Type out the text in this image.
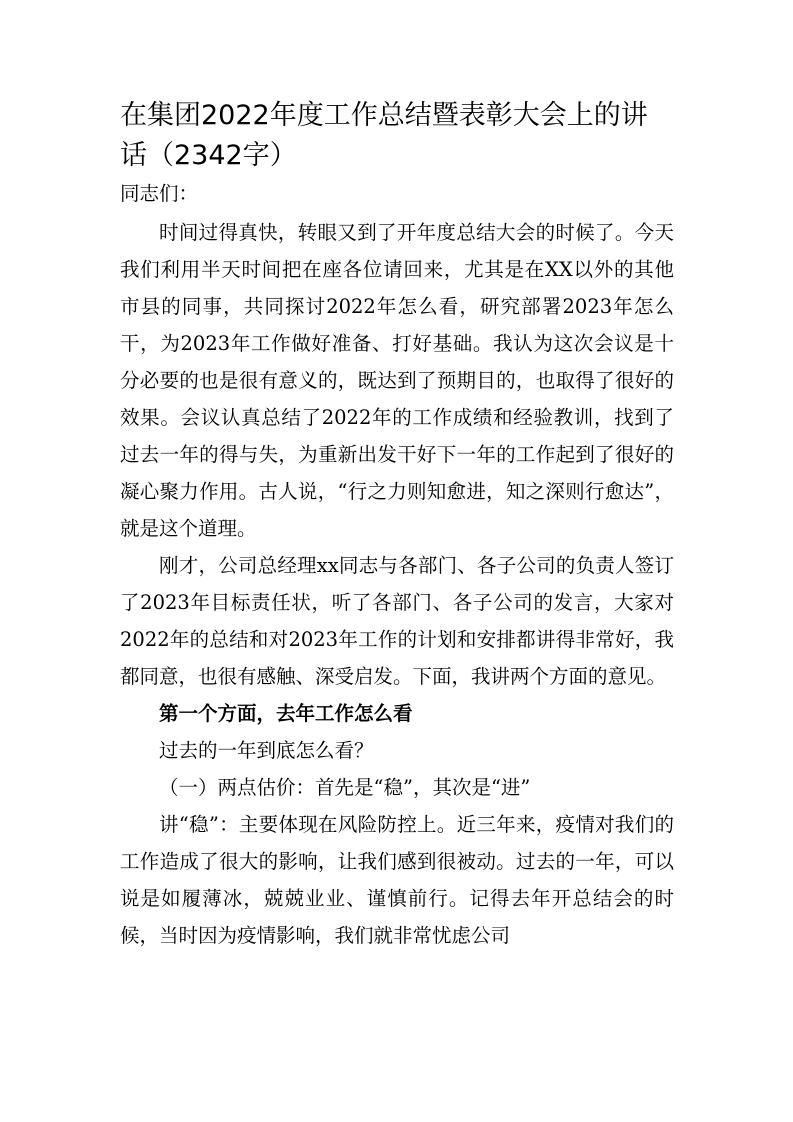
在集团2022年度工作总结暨表彰大会上的讲话（2342字）
同志们：

时间过得真快，转眼又到了开年度总结大会的时候了。今天我们利用半天时间把在座各位请回来，尤其是在XX以外的其他市县的同事，共同探讨2022年怎么看，研究部署2023年怎么干，为2023年工作做好准备、打好基础。我认为这次会议是十分必要的也是很有意义的，既达到了预期目的，也取得了很好的效果。会议认真总结了2022年的工作成绩和经验教训，找到了过去一年的得与失，为重新出发干好下一年的工作起到了很好的凝心聚力作用。古人说，“行之力则知愈进，知之深则行愈达”，就是这个道理。

刚才，公司总经理xx同志与各部门、各子公司的负责人签订了2023年目标责任状，听了各部门、各子公司的发言，大家对2022年的总结和对2023年工作的计划和安排都讲得非常好，我都同意，也很有感触、深受启发。下面，我讲两个方面的意见。

第一个方面，去年工作怎么看

过去的一年到底怎么看？

（一）两点估价：首先是“稳”，其次是“进”

讲“稳”：主要体现在风险防控上。近三年来，疫情对我们的工作造成了很大的影响，让我们感到很被动。过去的一年，可以说是如履薄冰，兢兢业业、谨慎前行。记得去年开总结会的时候，当时因为疫情影响，我们就非常忧虑公司
